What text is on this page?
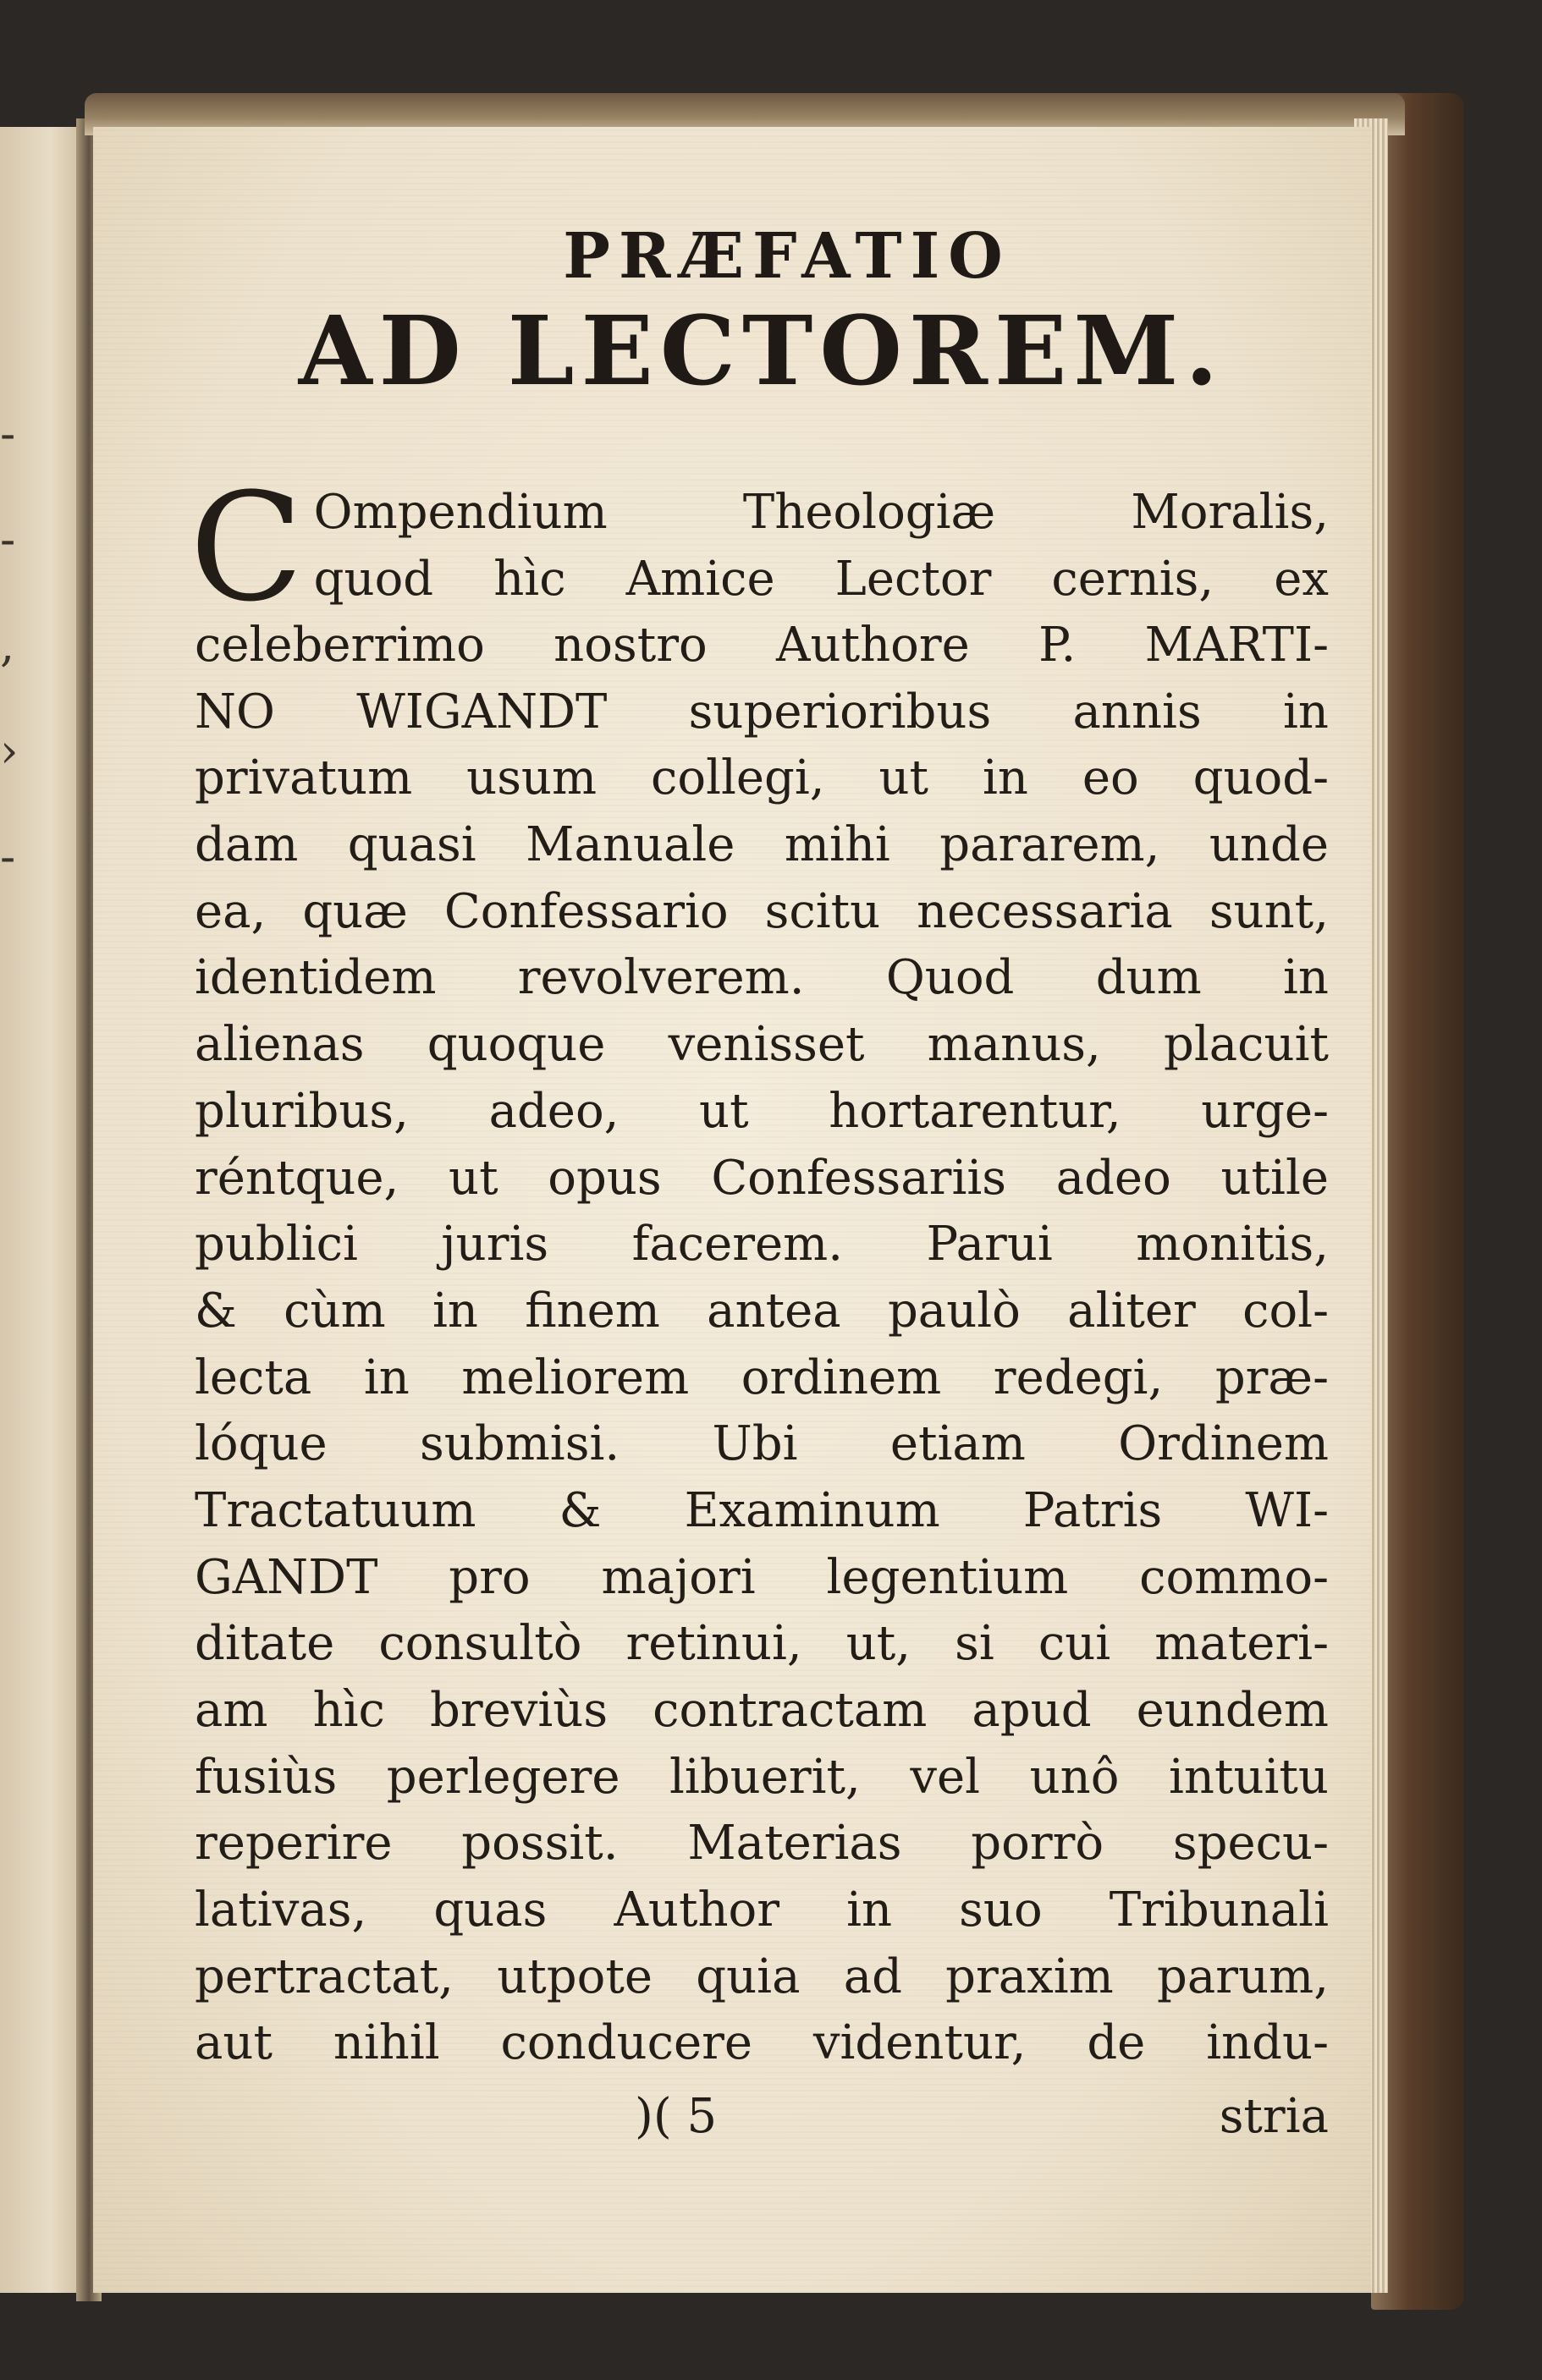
-
-
,
›
-
PRÆFATIO
AD LECTOREM.
C Ompendium Theologiæ Moralis,
quod hìc Amice Lector cernis, ex
celeberrimo nostro Authore P. MARTI-
NO WIGANDT superioribus annis in
privatum usum collegi, ut in eo quod-
dam quasi Manuale mihi pararem, unde
ea, quæ Confessario scitu necessaria sunt,
identidem revolverem. Quod dum in
alienas quoque venisset manus, placuit
pluribus, adeo, ut hortarentur, urge-
réntque, ut opus Confessariis adeo utile
publici juris facerem. Parui monitis,
& cùm in finem antea paulò aliter col-
lecta in meliorem ordinem redegi, præ-
lóque submisi. Ubi etiam Ordinem
Tractatuum & Examinum Patris WI-
GANDT pro majori legentium commo-
ditate consultò retinui, ut, si cui materi-
am hìc breviùs contractam apud eundem
fusiùs perlegere libuerit, vel unô intuitu
reperire possit. Materias porrò specu-
lativas, quas Author in suo Tribunali
pertractat, utpote quia ad praxim parum,
aut nihil conducere videntur, de indu-
)( 5	stria
